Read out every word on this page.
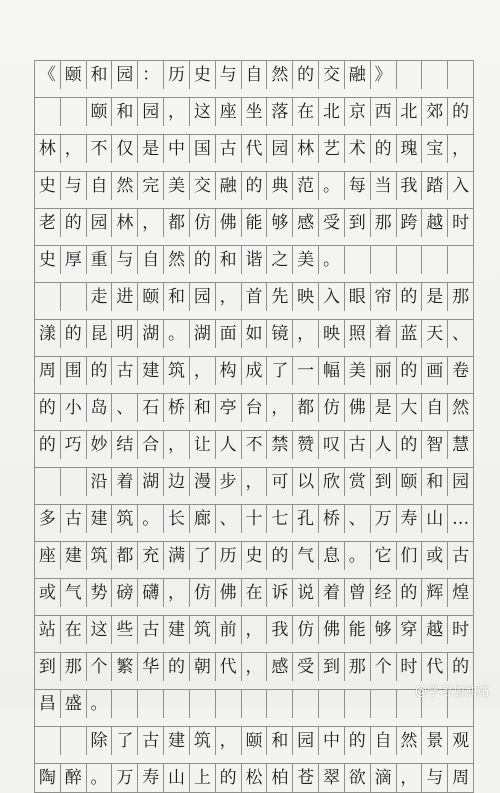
《 颐 和 园 ： 历 史 与 自 然 的 交 融 》
颐 和 园 ， 这 座 坐 落 在 北 京 西 北 郊 的
林 ， 不 仅 是 中 国 古 代 园 林 艺 术 的 瑰 宝 ，
史 与 自 然 完 美 交 融 的 典 范 。 每 当 我 踏 入
老 的 园 林 ， 都 仿 佛 能 够 感 受 到 那 跨 越 时
史 厚 重 与 自 然 的 和 谐 之 美 。
走 进 颐 和 园 ， 首 先 映 入 眼 帘 的 是 那
漾 的 昆 明 湖 。 湖 面 如 镜 ， 映 照 着 蓝 天 、
周 围 的 古 建 筑 ， 构 成 了 一 幅 美 丽 的 画 卷
的 小 岛 、 石 桥 和 亭 台 ， 都 仿 佛 是 大 自 然
的 巧 妙 结 合 ， 让 人 不 禁 赞 叹 古 人 的 智 慧
沿 着 湖 边 漫 步 ， 可 以 欣 赏 到 颐 和 园
多 古 建 筑 。 长 廊 、 十 七 孔 桥 、 万 寿 山 …
座 建 筑 都 充 满 了 历 史 的 气 息 。 它 们 或 古
或 气 势 磅 礴 ， 仿 佛 在 诉 说 着 曾 经 的 辉 煌
站 在 这 些 古 建 筑 前 ， 我 仿 佛 能 够 穿 越 时
到 那 个 繁 华 的 朝 代 ， 感 受 到 那 个 时 代 的
昌 盛 。
除 了 古 建 筑 ， 颐 和 园 中 的 自 然 景 观
陶 醉 。 万 寿 山 上 的 松 柏 苍 翠 欲 滴 ， 与 周
@学习加油站
